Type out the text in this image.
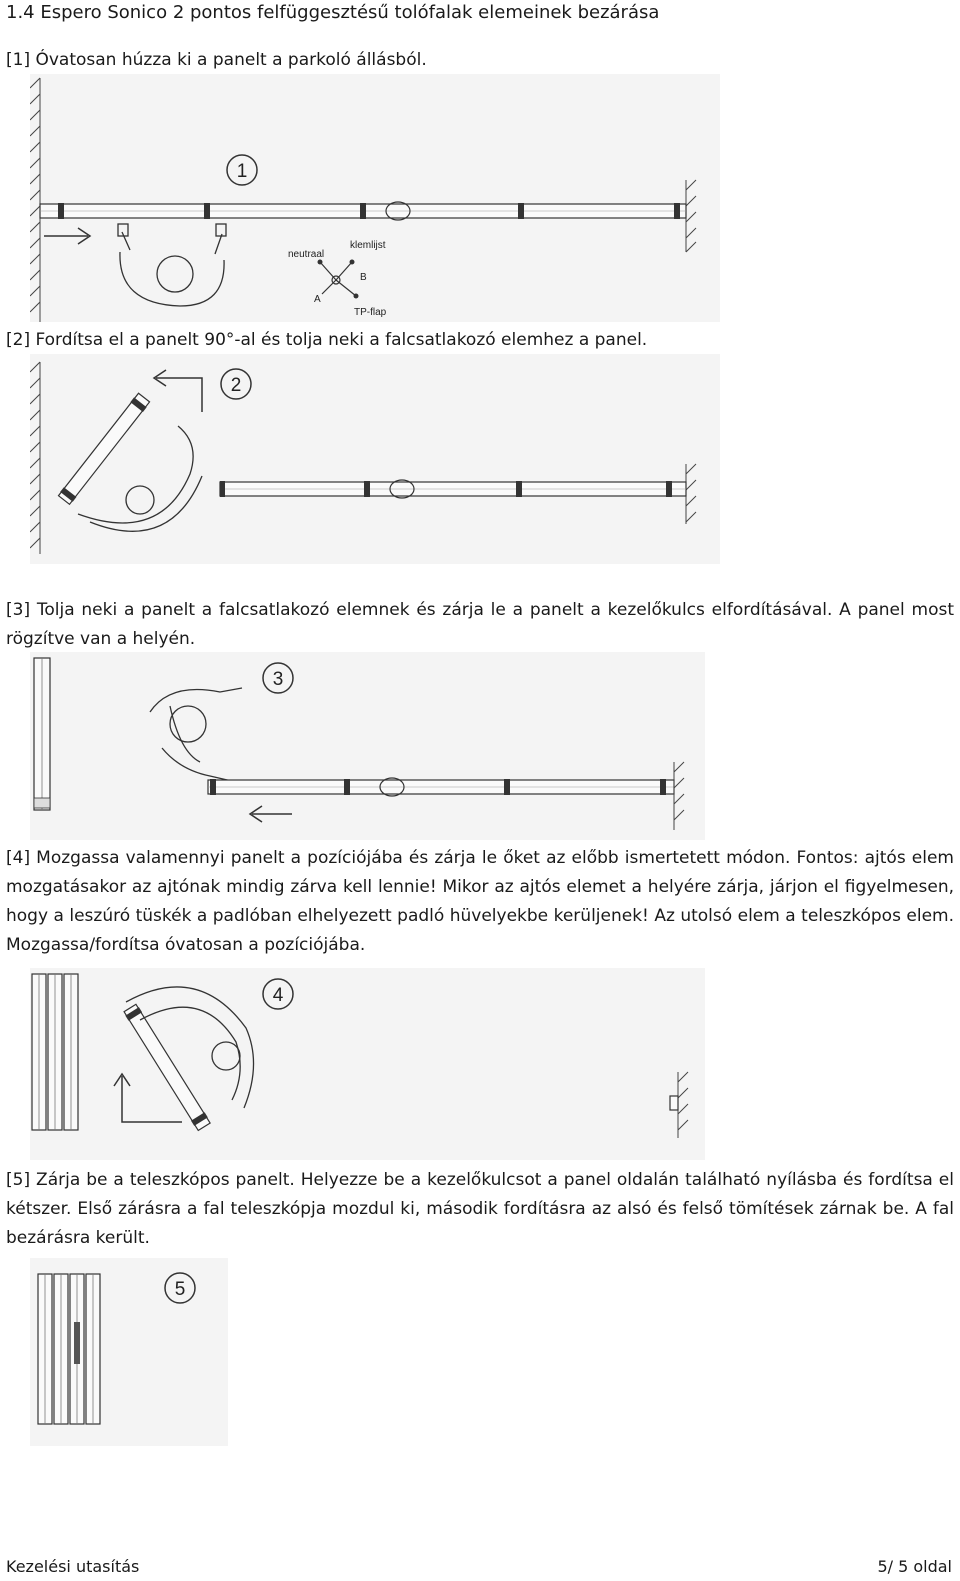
1.4 Espero Sonico 2 pontos felfüggesztésű tolófalak elemeinek bezárása
[1] Óvatosan húzza ki a panelt a parkoló állásból.
1
neutraal
klemlijst
A
B
TP-flap
[2] Fordítsa el a panelt 90°-al és tolja neki a falcsatlakozó elemhez a panel.
2
[3] Tolja neki a panelt a falcsatlakozó elemnek és zárja le a panelt a kezelőkulcs elfordításával. A panel most rögzítve van a helyén.
3
[4] Mozgassa valamennyi panelt a pozíciójába és zárja le őket az előbb ismertetett módon. Fontos: ajtós elem mozgatásakor az ajtónak mindig zárva kell lennie! Mikor az ajtós elemet a helyére zárja, járjon el figyelmesen, hogy a leszúró tüskék a padlóban elhelyezett padló hüvelyekbe kerüljenek! Az utolsó elem a teleszkópos elem. Mozgassa/fordítsa óvatosan a pozíciójába.
4
[5] Zárja be a teleszkópos panelt. Helyezze be a kezelőkulcsot a panel oldalán található nyílásba és fordítsa el kétszer. Első zárásra a fal teleszkópja mozdul ki, második fordításra az alsó és felső tömítések zárnak be. A fal bezárásra került.
5
Kezelési utasítás	5/ 5 oldal
